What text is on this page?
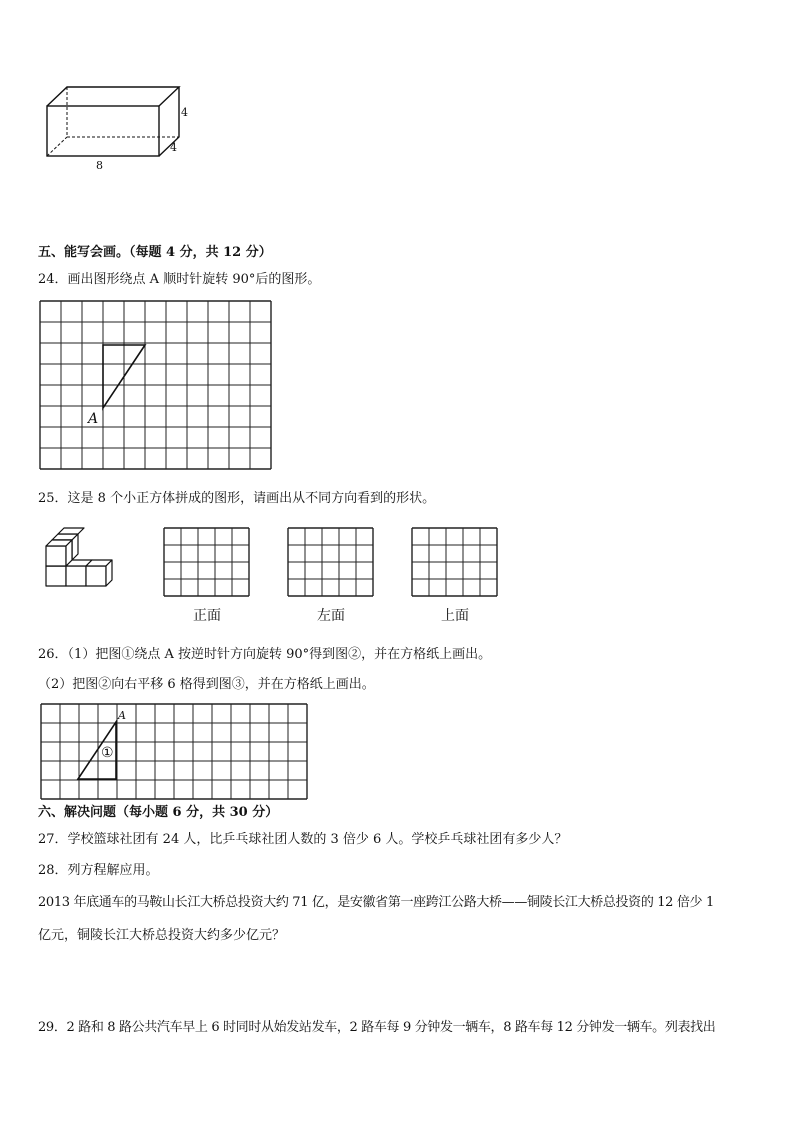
4
4
8
五、能写会画。（每题 4 分，共 12 分）
24．画出图形绕点 A 顺时针旋转 90°后的图形。
A
25．这是 8 个小正方体拼成的图形，请画出从不同方向看到的形状。
正面	左面	上面
26．（1）把图①绕点 A 按逆时针方向旋转 90°得到图②，并在方格纸上画出。
（2）把图②向右平移 6 格得到图③，并在方格纸上画出。
A
①
六、解决问题（每小题 6 分，共 30 分）
27．学校篮球社团有 24 人，比乒乓球社团人数的 3 倍少 6 人。学校乒乓球社团有多少人？
28．列方程解应用。
2013 年底通车的马鞍山长江大桥总投资大约 71 亿，是安徽省第一座跨江公路大桥——铜陵长江大桥总投资的 12 倍少 1
亿元，铜陵长江大桥总投资大约多少亿元？
29．2 路和 8 路公共汽车早上 6 时同时从始发站发车，2 路车每 9 分钟发一辆车，8 路车每 12 分钟发一辆车。列表找出
